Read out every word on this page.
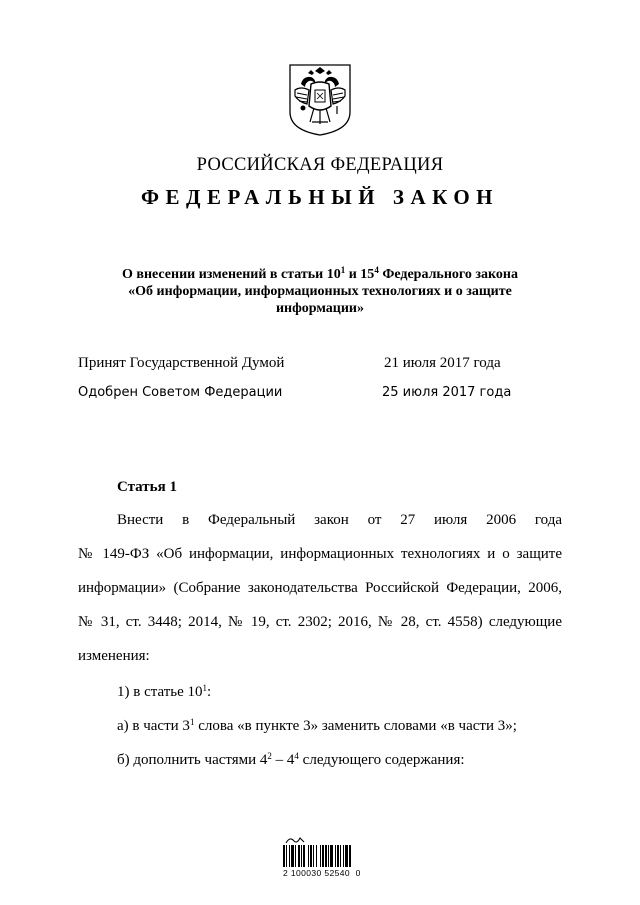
РОССИЙСКАЯ ФЕДЕРАЦИЯ
ФЕДЕРАЛЬНЫЙ ЗАКОН
О внесении изменений в статьи $10^1$ и $15^4$ Федерального закона
«Об информации, информационных технологиях и о защите
информации»
Принят Государственной Думой	21 июля 2017 года
Одобрен Советом Федерации	25 июля 2017 года
Статья 1
Внести в Федеральный закон от 27 июля 2006 года
№ 149-ФЗ «Об информации, информационных технологиях и о защите
информации» (Собрание законодательства Российской Федерации, 2006,
№ 31, ст. 3448; 2014, № 19, ст. 2302; 2016, № 28, ст. 4558) следующие
изменения:
1) в статье $10^1$:
а) в части $3^1$ слова «в пункте 3» заменить словами «в части 3»;
б) дополнить частями $4^2 - 4^4$ следующего содержания:
2 100030 52540  0
